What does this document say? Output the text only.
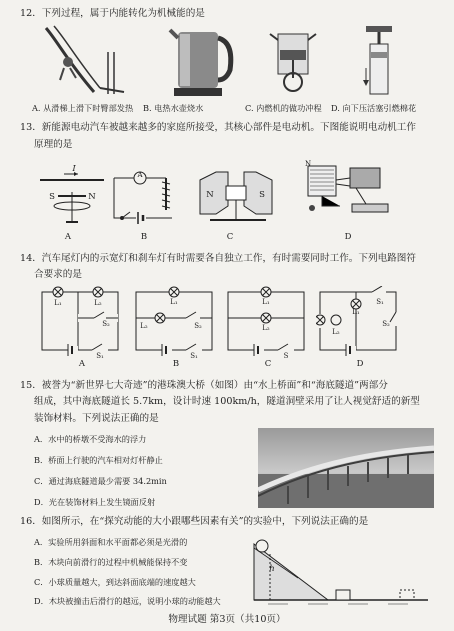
12．下列过程，属于内能转化为机械能的是
A. 从滑梯上滑下时臀部发热 B. 电热水壶烧水	C. 内燃机的做功冲程 D. 向下压活塞引燃棉花
13．新能源电动汽车被越来越多的家庭所接受，其核心部件是电动机。下图能说明电动机工作
原理的是
I
S	N
A
N	S
N
A	B	C	D
14．汽车尾灯内的示宽灯和刹车灯有时需要各自独立工作，有时需要同时工作。下列电路图符
合要求的是
L₁	L₂
S₂
S₁
L₁
L₂	S₂
S₁
L₁
L₂
S
L₁
S₁
S₂
L₂
A	B	C	D
15．被誉为“新世界七大奇迹”的港珠澳大桥（如图）由“水上桥面”和“海底隧道”两部分
组成，其中海底隧道长 5.7km，设计时速 100km/h，隧道洞壁采用了让人视觉舒适的新型
装饰材料。下列说法正确的是
A．水中的桥墩不受海水的浮力
B．桥面上行驶的汽车相对灯杆静止
C．通过海底隧道最少需要 34.2min
D．光在装饰材料上发生镜面反射
16．如图所示，在“探究动能的大小跟哪些因素有关”的实验中，下列说法正确的是
A．实验所用斜面和水平面都必须是光滑的
B．木块向前滑行的过程中机械能保持不变
C．小球质量越大，到达斜面底端的速度越大
D．木块被撞击后滑行的越远，说明小球的动能越大
h
物理试题 第3页（共10页）
